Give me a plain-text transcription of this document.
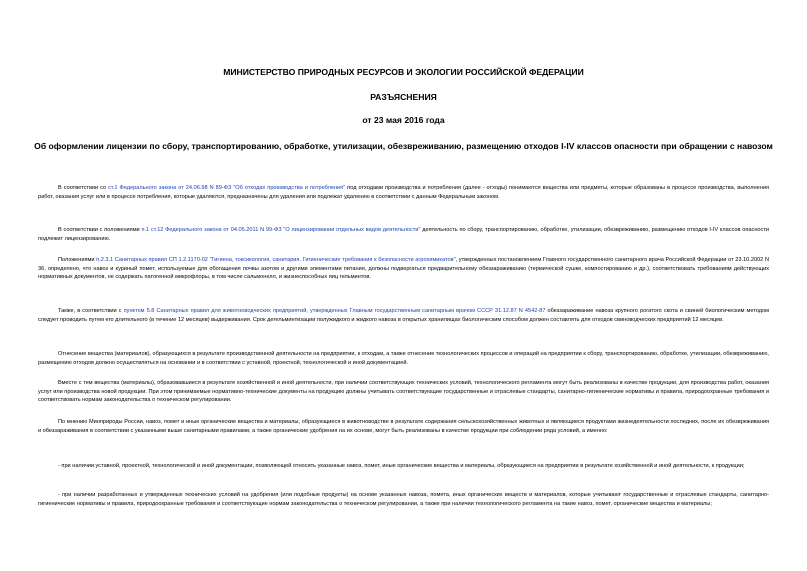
МИНИСТЕРСТВО ПРИРОДНЫХ РЕСУРСОВ И ЭКОЛОГИИ РОССИЙСКОЙ ФЕДЕРАЦИИ
РАЗЪЯСНЕНИЯ
от 23 мая 2016 года
Об оформлении лицензии по сбору, транспортированию, обработке, утилизации, обезвреживанию, размещению отходов I-IV классов опасности при обращении с навозом

В соответствии со ст.1 Федерального закона от 24.06.98 N 89-ФЗ "Об отходах производства и потребления" под отходами производства и потребления (далее - отходы) понимаются вещества или предметы, которые образованы в процессе производства, выполнения работ, оказания услуг или в процессе потребления, которые удаляются, предназначены для удаления или подлежат удалению в соответствии с данным Федеральным законом.

В соответствии с положениями п.1 ст.12 Федерального закона от 04.05.2011 N 99-ФЗ "О лицензировании отдельных видов деятельности" деятельность по сбору, транспортированию, обработке, утилизации, обезвреживанию, размещению отходов I-IV классов опасности подлежит лицензированию.

Положениями п.2.3.1 Санитарных правил СП 1.2.1170-02 "Гигиена, токсикология, санитария. Гигиенические требования к безопасности агрохимикатов", утвержденных постановлением Главного государственного санитарного врача Российской Федерации от 23.10.2002 N 36, определено, что навоз и куриный помет, используемые для обогащения почвы азотом и другими элементами питания, должны подвергаться предварительному обеззараживанию (термической сушке, компостированию и др.), соответствовать требованиям действующих нормативных документов, не содержать патогенной микрофлоры, в том числе сальмонелл, и жизнеспособных яиц гельминтов.

Также, в соответствии с пунктом 5.8 Санитарных правил для животноводческих предприятий, утвержденных Главным государственным санитарным врачом СССР 31.12.87 N 4542-87 обеззараживание навоза крупного рогатого скота и свиней биологическим методом следует проводить путем его длительного (в течение 12 месяцев) выдерживания. Срок дегельминтизации полужидкого и жидкого навоза в открытых хранилищах биологическим способом должен составлять для отходов свиноводческих предприятий 12 месяцев.

Отнесение вещества (материалов), образующихся в результате производственной деятельности на предприятии, к отходам, а также отнесение технологических процессов и операций на предприятии к сбору, транспортированию, обработке, утилизации, обезвреживанию, размещению отходов должно осуществляться на основании и в соответствии с уставной, проектной, технологической и иной документацией.

Вместе с тем вещества (материалы), образовавшиеся в результате хозяйственной и иной деятельности, при наличии соответствующих технических условий, технологического регламента могут быть реализованы в качестве продукции, для производства работ, оказания услуг или производства новой продукции. При этом принимаемые нормативно-технические документы на продукцию должны учитывать соответствующие государственные и отраслевые стандарты, санитарно-гигиенические нормативы и правила, природоохранные требования и соответствовать нормам законодательства о техническом регулировании.

По мнению Минприроды России, навоз, помет и иные органические вещества и материалы, образующиеся в животноводстве в результате содержания сельскохозяйственных животных и являющиеся продуктами жизнедеятельности последних, после их обезвреживания и обеззараживания в соответствии с указанными выше санитарными правилами, а также органические удобрения на их основе, могут быть реализованы в качестве продукции при соблюдении ряда условий, а именно:

- при наличии уставной, проектной, технологической и иной документации, позволяющей относить указанные навоз, помет, иные органические вещества и материалы, образующиеся на предприятии в результате хозяйственной и иной деятельности, к продукции;

- при наличии разработанных и утвержденных технических условий на удобрения (или подобные продукты) на основе указанных навоза, помета, иных органических веществ и материалов, которые учитывают государственные и отраслевые стандарты, санитарно-гигиенические нормативы и правила, природоохранные требования и соответствующие нормам законодательства о техническом регулировании, а также при наличии технологического регламента на такие навоз, помет, органические вещества и материалы;
